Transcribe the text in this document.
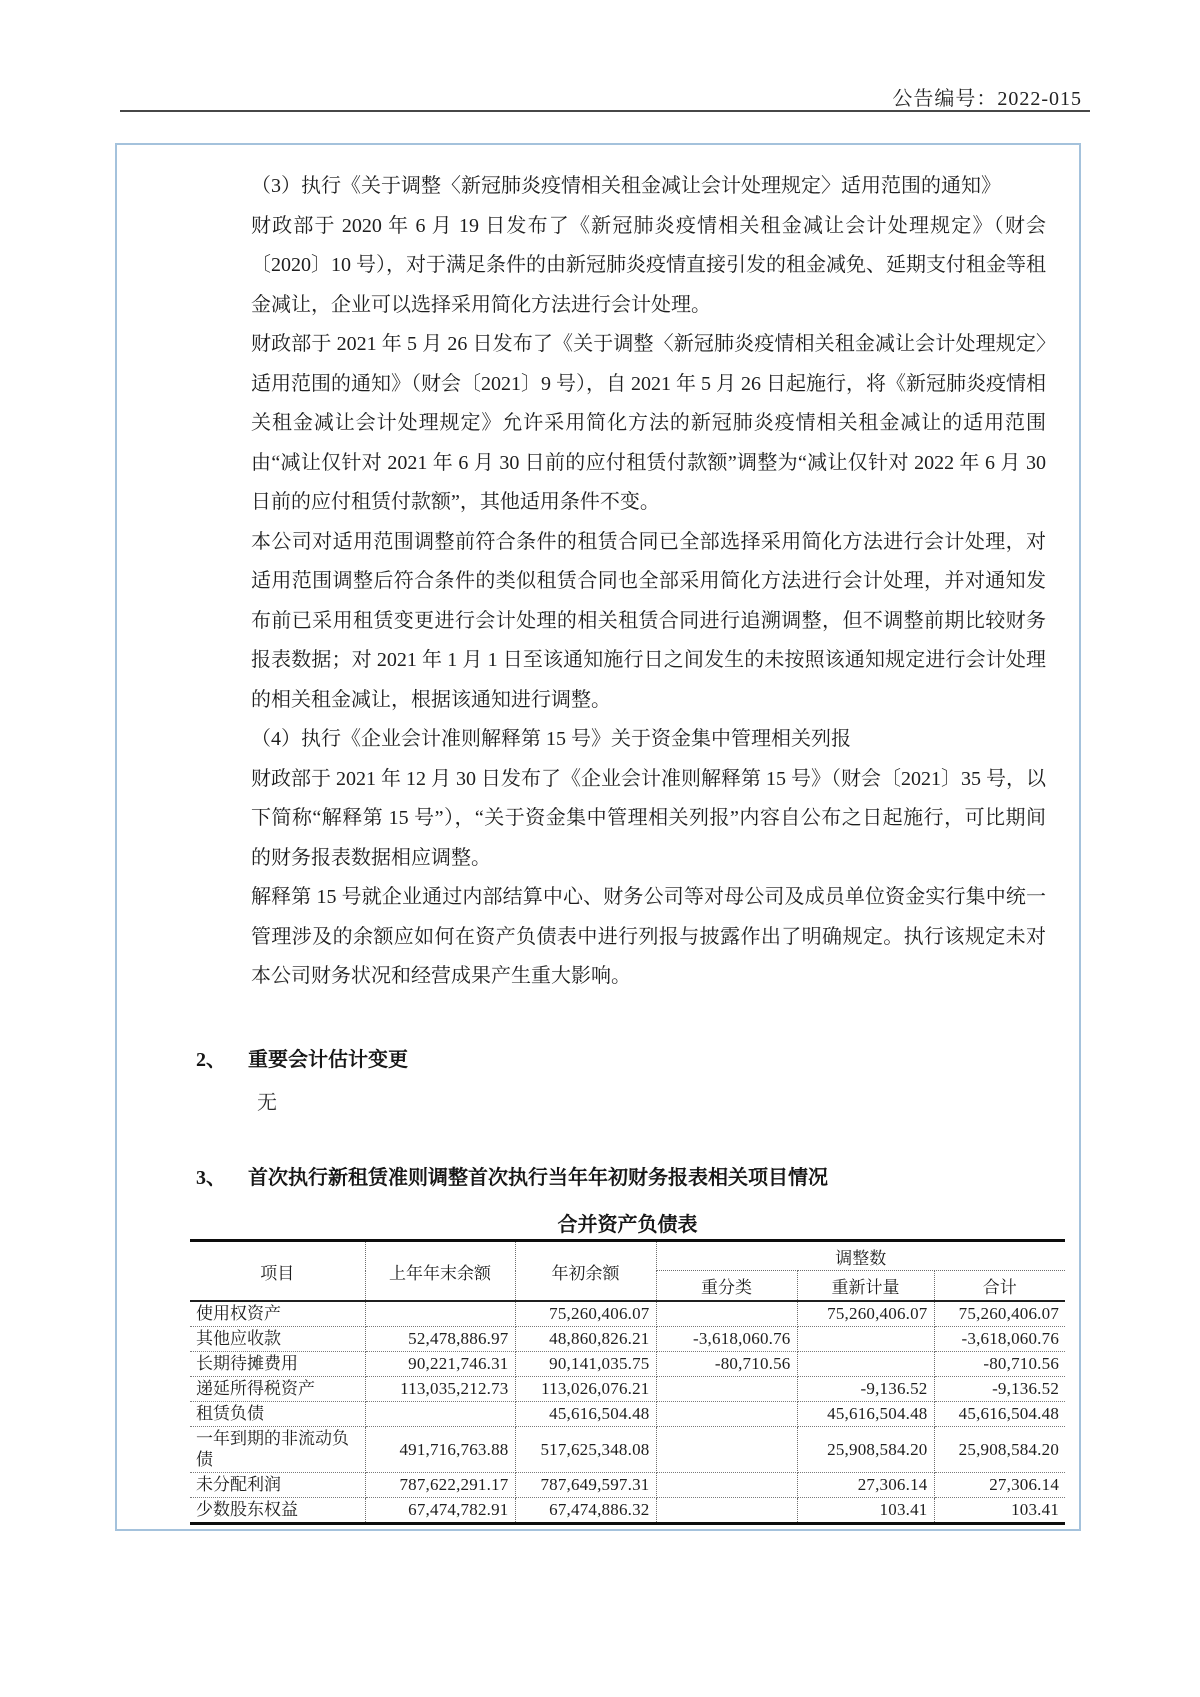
公告编号：2022-015
（3）执行《关于调整〈新冠肺炎疫情相关租金减让会计处理规定〉适用范围的通知》
财政部于 2020 年 6 月 19 日发布了《新冠肺炎疫情相关租金减让会计处理规定》（财会〔2020〕10 号），对于满足条件的由新冠肺炎疫情直接引发的租金减免、延期支付租金等租金减让，企业可以选择采用简化方法进行会计处理。
财政部于 2021 年 5 月 26 日发布了《关于调整〈新冠肺炎疫情相关租金减让会计处理规定〉适用范围的通知》（财会〔2021〕9 号），自 2021 年 5 月 26 日起施行，将《新冠肺炎疫情相关租金减让会计处理规定》允许采用简化方法的新冠肺炎疫情相关租金减让的适用范围由“减让仅针对 2021 年 6 月 30 日前的应付租赁付款额”调整为“减让仅针对 2022 年 6 月 30 日前的应付租赁付款额”，其他适用条件不变。
本公司对适用范围调整前符合条件的租赁合同已全部选择采用简化方法进行会计处理，对适用范围调整后符合条件的类似租赁合同也全部采用简化方法进行会计处理，并对通知发布前已采用租赁变更进行会计处理的相关租赁合同进行追溯调整，但不调整前期比较财务报表数据；对 2021 年 1 月 1 日至该通知施行日之间发生的未按照该通知规定进行会计处理的相关租金减让，根据该通知进行调整。
（4）执行《企业会计准则解释第 15 号》关于资金集中管理相关列报
财政部于 2021 年 12 月 30 日发布了《企业会计准则解释第 15 号》（财会〔2021〕35 号，以下简称“解释第 15 号”），“关于资金集中管理相关列报”内容自公布之日起施行，可比期间的财务报表数据相应调整。
解释第 15 号就企业通过内部结算中心、财务公司等对母公司及成员单位资金实行集中统一管理涉及的余额应如何在资产负债表中进行列报与披露作出了明确规定。执行该规定未对本公司财务状况和经营成果产生重大影响。
2、	重要会计估计变更
无
3、	首次执行新租赁准则调整首次执行当年年初财务报表相关项目情况
合并资产负债表
项目	上年年末余额	年初余额	调整数		
			重分类	重新计量	合计
使用权资产		75,260,406.07		75,260,406.07	75,260,406.07
其他应收款	52,478,886.97	48,860,826.21	-3,618,060.76		-3,618,060.76
长期待摊费用	90,221,746.31	90,141,035.75	-80,710.56		-80,710.56
递延所得税资产	113,035,212.73	113,026,076.21		-9,136.52	-9,136.52
租赁负债		45,616,504.48		45,616,504.48	45,616,504.48
一年到期的非流动负债	491,716,763.88	517,625,348.08		25,908,584.20	25,908,584.20
未分配利润	787,622,291.17	787,649,597.31		27,306.14	27,306.14
少数股东权益	67,474,782.91	67,474,886.32		103.41	103.41
